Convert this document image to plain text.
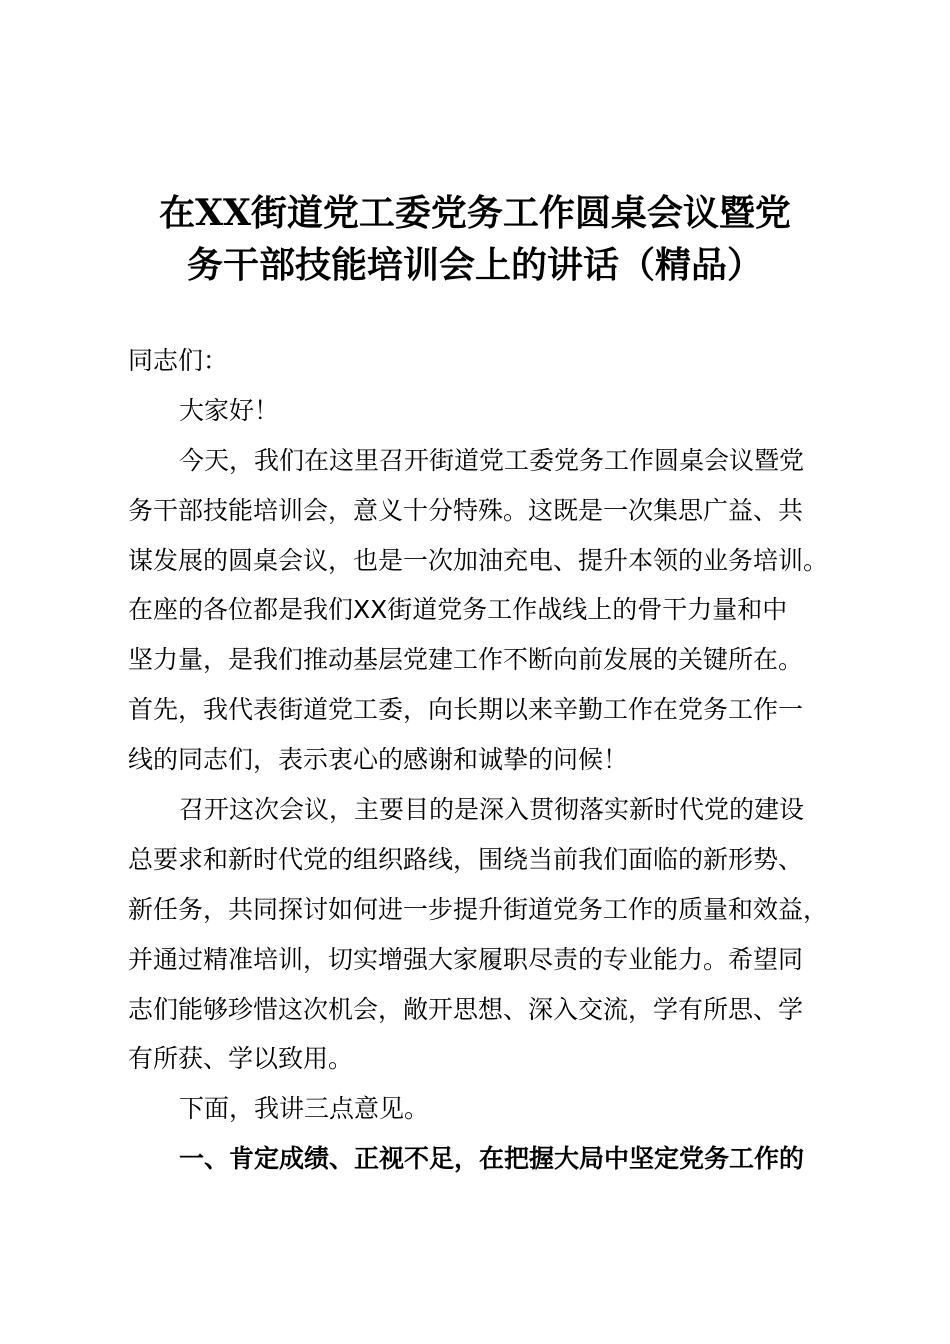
在XX街道党工委党务工作圆桌会议暨党
务干部技能培训会上的讲话（精品）
同志们：
大家好！
今天，我们在这里召开街道党工委党务工作圆桌会议暨党
务干部技能培训会，意义十分特殊。这既是一次集思广益、共
谋发展的圆桌会议，也是一次加油充电、提升本领的业务培训。
在座的各位都是我们XX街道党务工作战线上的骨干力量和中
坚力量，是我们推动基层党建工作不断向前发展的关键所在。
首先，我代表街道党工委，向长期以来辛勤工作在党务工作一
线的同志们，表示衷心的感谢和诚挚的问候！
召开这次会议，主要目的是深入贯彻落实新时代党的建设
总要求和新时代党的组织路线，围绕当前我们面临的新形势、
新任务，共同探讨如何进一步提升街道党务工作的质量和效益，
并通过精准培训，切实增强大家履职尽责的专业能力。希望同
志们能够珍惜这次机会，敞开思想、深入交流，学有所思、学
有所获、学以致用。
下面，我讲三点意见。
一、肯定成绩、正视不足，在把握大局中坚定党务工作的
